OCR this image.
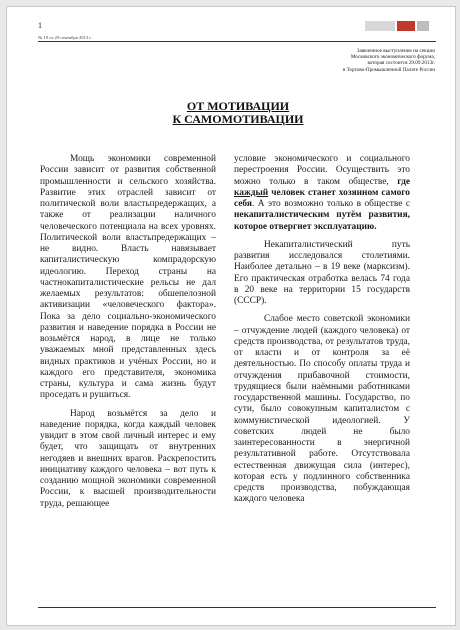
1
№ 19 от 29 сентября 2013 г.
Заявленное выступление на секции
Московского экономического форума,
которая состоится 29.09.2013г.
в Торгово-Промышленной Палате России
ОТ МОТИВАЦИИ
К САМОМОТИВАЦИИ

Мощь экономики современной России зависит от развития собственной промышленности и сельского хозяйства. Развитие этих отраслей зависит от политической воли властьпредержащих, а также от реализации наличного человеческого потенциала на всех уровнях. Политической воли властьпредержащих – не видно. Власть навязывает капиталистическую компрадорскую идеологию. Переход страны на частнокапиталистические рельсы не дал желаемых результатов: обшепелозной активизации «человеческого фактора». Пока за дело социально-экономического развития и наведение порядка в России не возьмётся народ, в лице не только уважаемых мной представленных здесь видных практиков и учёных России, но и каждого его представителя, экономика страны, культура и сама жизнь будут проседать и рушиться.

Народ возьмётся за дело и наведение порядка, когда каждый человек увидит в этом свой личный интерес и ему будет, что защищать от внутренних негодяев и внешних врагов. Раскрепостить инициативу каждого человека – вот путь к созданию мощной экономики современной России, к высшей производительности труда, решающее

условие экономического и социального перестроения России. Осуществить это можно только в таком обществе, где каждый человек станет хозяином самого себя. А это возможно только в обществе с некапиталистическим путём развития, которое отвергнет эксплуатацию.

Некапиталистический путь развития исследовался столетиями. Наиболее детально – в 19 веке (марксизм). Его практическая отработка велась 74 года в 20 веке на территории 15 государств (СССР).

Слабое место советской экономики – отчуждение людей (каждого человека) от средств производства, от результатов труда, от власти и от контроля за её деятельностью. По способу оплаты труда и отчуждения прибавочной стоимости, трудящиеся были наёмными работниками государственной машины. Государство, по сути, было совокупным капиталистом с коммунистической идеологией. У советских людей не было заинтересованности в энергичной результативной работе. Отсутствовала естественная движущая сила (интерес), которая есть у подлинного собственника средств производства, побуждающая каждого человека
